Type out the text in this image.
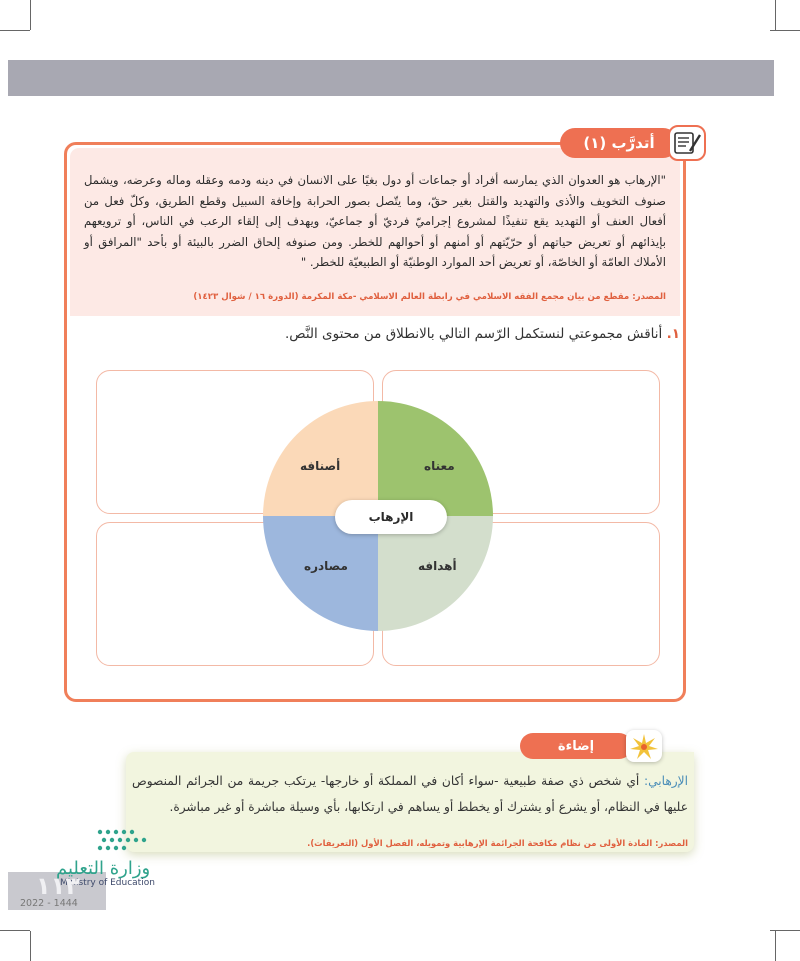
"الإرهاب هو العدوان الذي يمارسه أفراد أو جماعات أو دول بغيًا على الانسان في دينه ودمه وعقله وماله وعرضه، ويشمل صنوف التخويف والأذى والتهديد والقتل بغير حقّ، وما يتّصل بصور الحرابة وإخافة السبيل وقطع الطريق، وكلّ فعل من أفعال العنف أو التهديد يقع تنفيذًا لمشروع إجراميّ فرديّ أو جماعيّ، ويهدف إلى إلقاء الرعب في الناس، أو ترويعهم بإيذائهم أو تعريض حياتهم أو حرّيّتهم أو أمنهم أو أحوالهم للخطر. ومن صنوفه إلحاق الضرر بالبيئة أو بأحد "المرافق أو الأملاك العامّة أو الخاصّة، أو تعريض أحد الموارد الوطنيّة أو الطبيعيّة للخطر. "
المصدر: مقطع من بيان مجمع الفقه الاسلامي في رابطة العالم الاسلامي -مكة المكرمة (الدورة ١٦ / شوال ١٤٢٣)
أتدرَّب (١)
١. أناقش مجموعتي لنستكمل الرّسم التالي بالانطلاق من محتوى النَّص.
أصنافه	معناه
مصادره	أهدافه
الإرهاب
إضاءة
الإرهابي: أي شخص ذي صفة طبيعية -سواء أكان في المملكة أو خارجها- يرتكب جريمة من الجرائم المنصوص عليها في النظام، أو يشرع أو يشترك أو يخطط أو يساهم في ارتكابها، بأي وسيلة مباشرة أو غير مباشرة.
المصدر: المادة الأولى من نظام مكافحة الجرائمة الإرهابية وتمويله، الفصل الأول (التعريفات).
وزارة التعليم
Ministry of Education
١١٣
2022 - 1444
